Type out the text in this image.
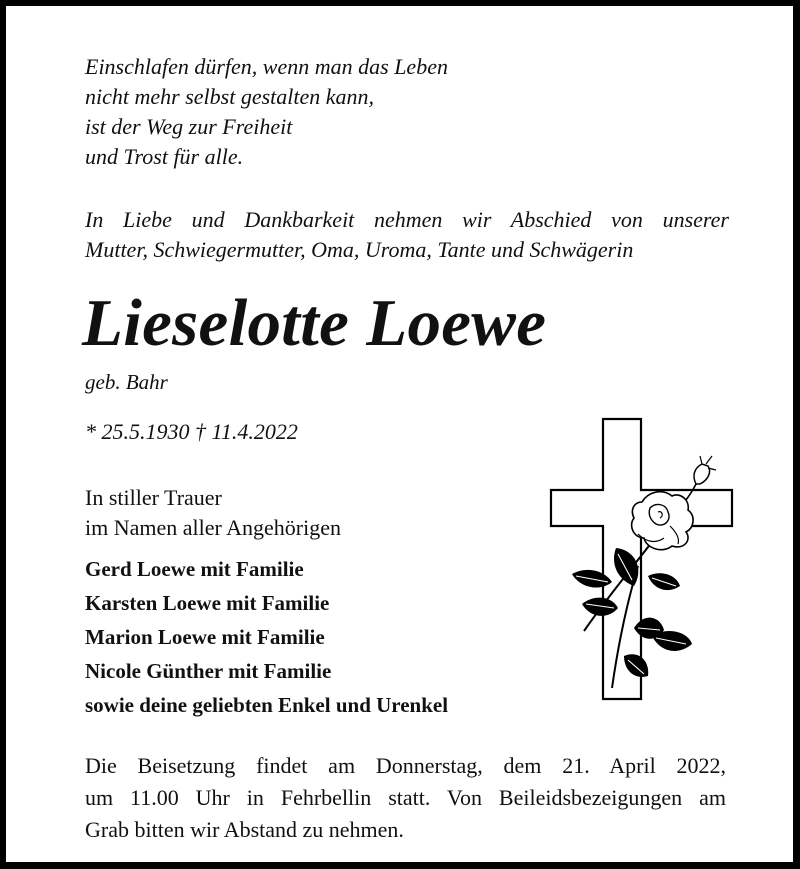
Einschlafen dürfen, wenn man das Leben
nicht mehr selbst gestalten kann,
ist der Weg zur Freiheit
und Trost für alle.
In Liebe und Dankbarkeit nehmen wir Abschied von unserer
Mutter, Schwiegermutter, Oma, Uroma, Tante und Schwägerin
Lieselotte Loewe
geb. Bahr
* 25.5.1930 † 11.4.2022
In stiller Trauer
im Namen aller Angehörigen
Gerd Loewe mit Familie
Karsten Loewe mit Familie
Marion Loewe mit Familie
Nicole Günther mit Familie
sowie deine geliebten Enkel und Urenkel
Die Beisetzung findet am Donnerstag, dem 21. April 2022,
um 11.00 Uhr in Fehrbellin statt. Von Beileidsbezeigungen am
Grab bitten wir Abstand zu nehmen.
